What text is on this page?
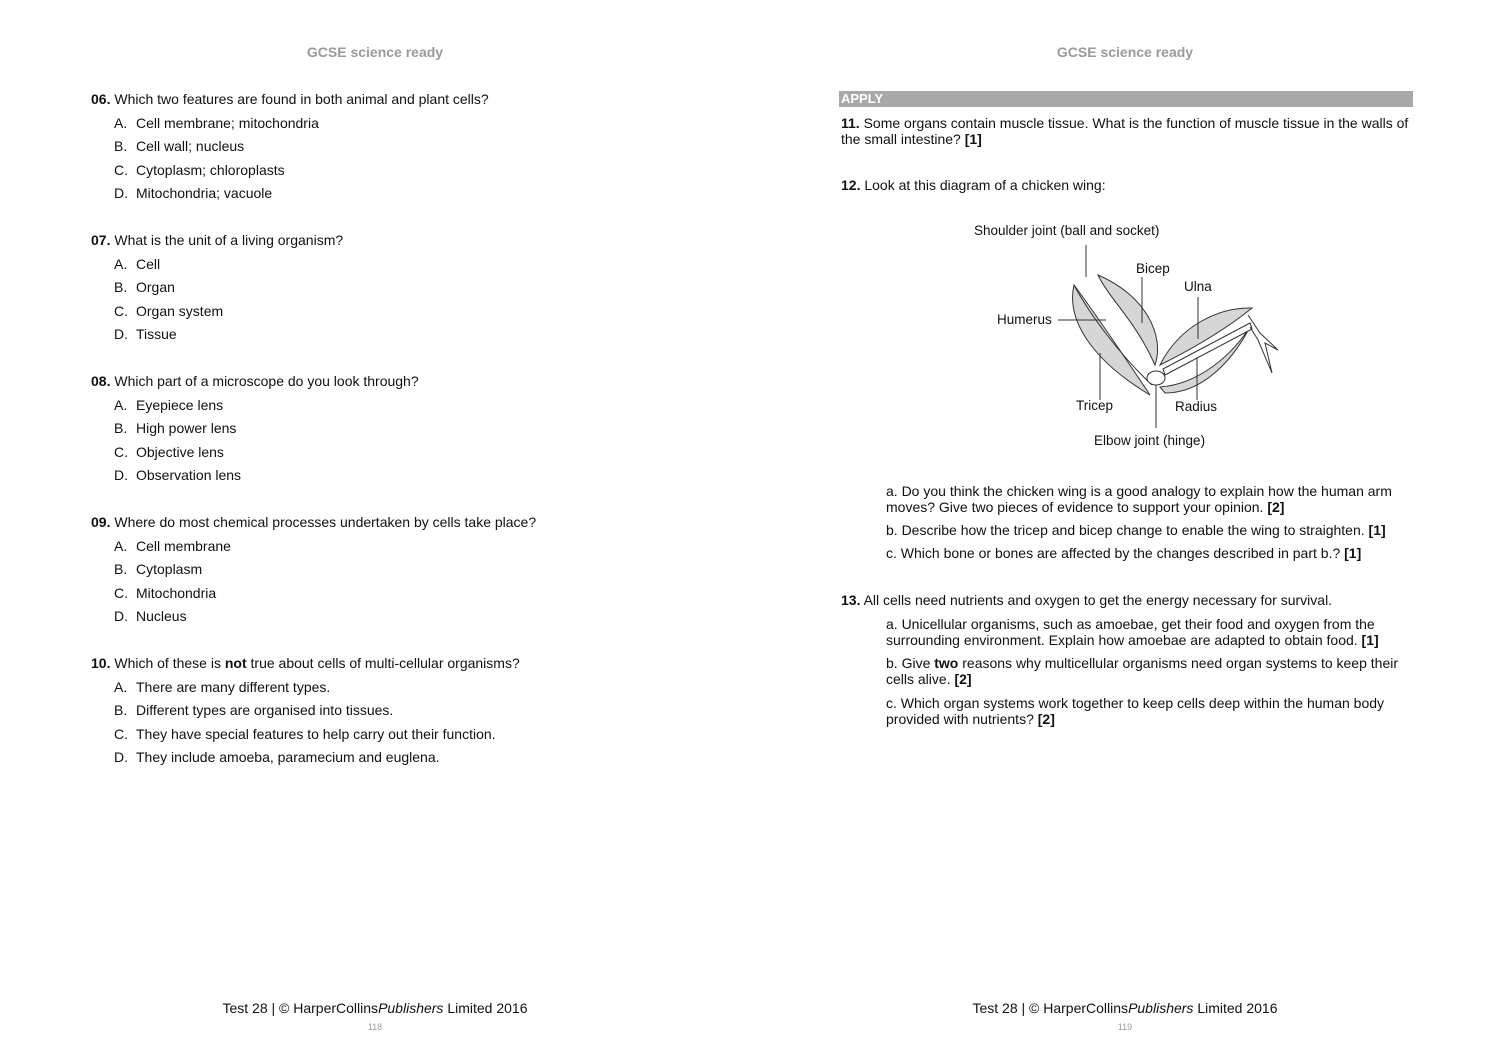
GCSE science ready
Test 28 | © HarperCollinsPublishers Limited 2016
118
06. Which two features are found in both animal and plant cells?
A. Cell membrane; mitochondria
B. Cell wall; nucleus
C. Cytoplasm; chloroplasts
D. Mitochondria; vacuole
07. What is the unit of a living organism?
A. Cell
B. Organ
C. Organ system
D. Tissue
08. Which part of a microscope do you look through?
A. Eyepiece lens
B. High power lens
C. Objective lens
D. Observation lens
09. Where do most chemical processes undertaken by cells take place?
A. Cell membrane
B. Cytoplasm
C. Mitochondria
D. Nucleus
10. Which of these is not true about cells of multi-cellular organisms?
A. There are many different types.
B. Different types are organised into tissues.
C. They have special features to help carry out their function.
D. They include amoeba, paramecium and euglena.
GCSE science ready
Test 28 | © HarperCollinsPublishers Limited 2016
119
APPLY
11. Some organs contain muscle tissue. What is the function of muscle tissue in the walls of the small intestine? [1]
12. Look at this diagram of a chicken wing:
Shoulder joint (ball and socket)
Bicep
Ulna
Humerus
Tricep	Radius
Elbow joint (hinge)
a. Do you think the chicken wing is a good analogy to explain how the human arm moves? Give two pieces of evidence to support your opinion. [2]
b. Describe how the tricep and bicep change to enable the wing to straighten. [1]
c. Which bone or bones are affected by the changes described in part b.? [1]
13. All cells need nutrients and oxygen to get the energy necessary for survival.
a. Unicellular organisms, such as amoebae, get their food and oxygen from the surrounding environment. Explain how amoebae are adapted to obtain food. [1]
b. Give two reasons why multicellular organisms need organ systems to keep their cells alive. [2]
c. Which organ systems work together to keep cells deep within the human body provided with nutrients? [2]
